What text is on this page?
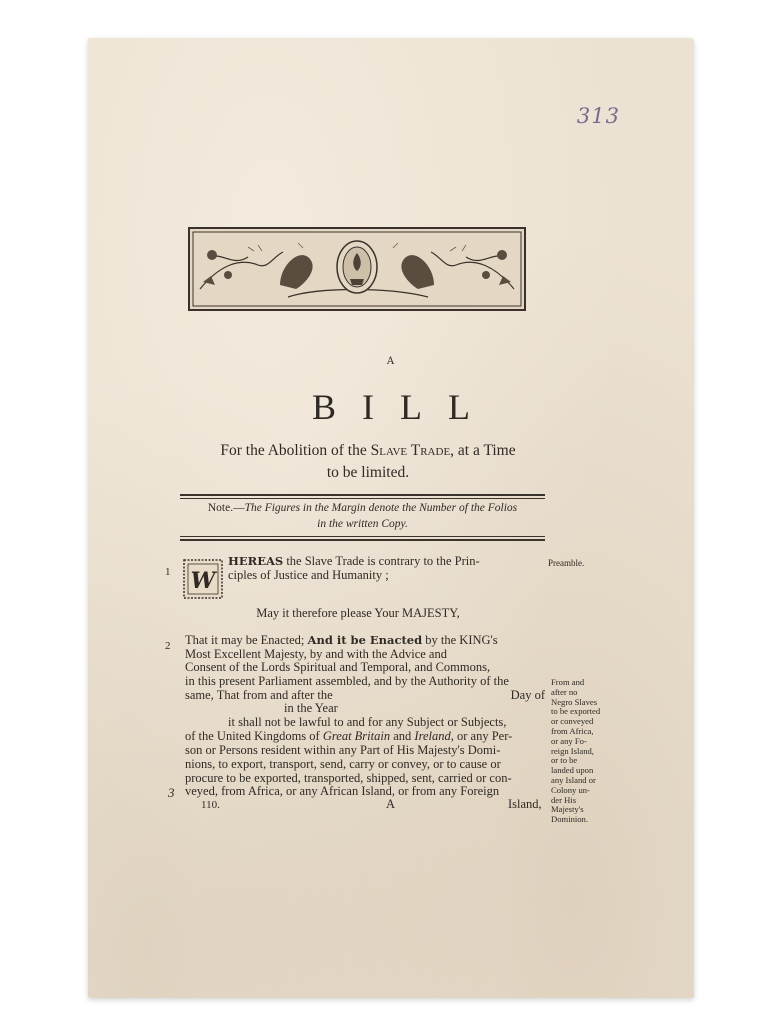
313
A
BILL
For the Abolition of the Slave Trade, at a Time
to be limited.
Note.—The Figures in the Margin denote the Number of the Folios
in the written Copy.
1 W
HEREAS the Slave Trade is contrary to the Prin-
ciples of Justice and Humanity ;
Preamble.
May it therefore please Your MAJESTY,
2 That it may be Enacted; And it be Enacted by the KING's
Most Excellent Majesty, by and with the Advice and
Consent of the Lords Spiritual and Temporal, and Commons,
in this present Parliament assembled, and by the Authority of the
same, That from and after the	Day of
in the Year
it shall not be lawful to and for any Subject or Subjects,
of the United Kingdoms of Great Britain and Ireland, or any Per-
son or Persons resident within any Part of His Majesty's Domi-
nions, to export, transport, send, carry or convey, or to cause or
procure to be exported, transported, shipped, sent, carried or con-
veyed, from Africa, or any African Island, or from any Foreign
3
110.	A	Island,
From and
after no
Negro Slaves
to be exported
or conveyed
from Africa,
or any Fo-
reign Island,
or to be
landed upon
any Island or
Colony un-
der His
Majesty's
Dominion.
